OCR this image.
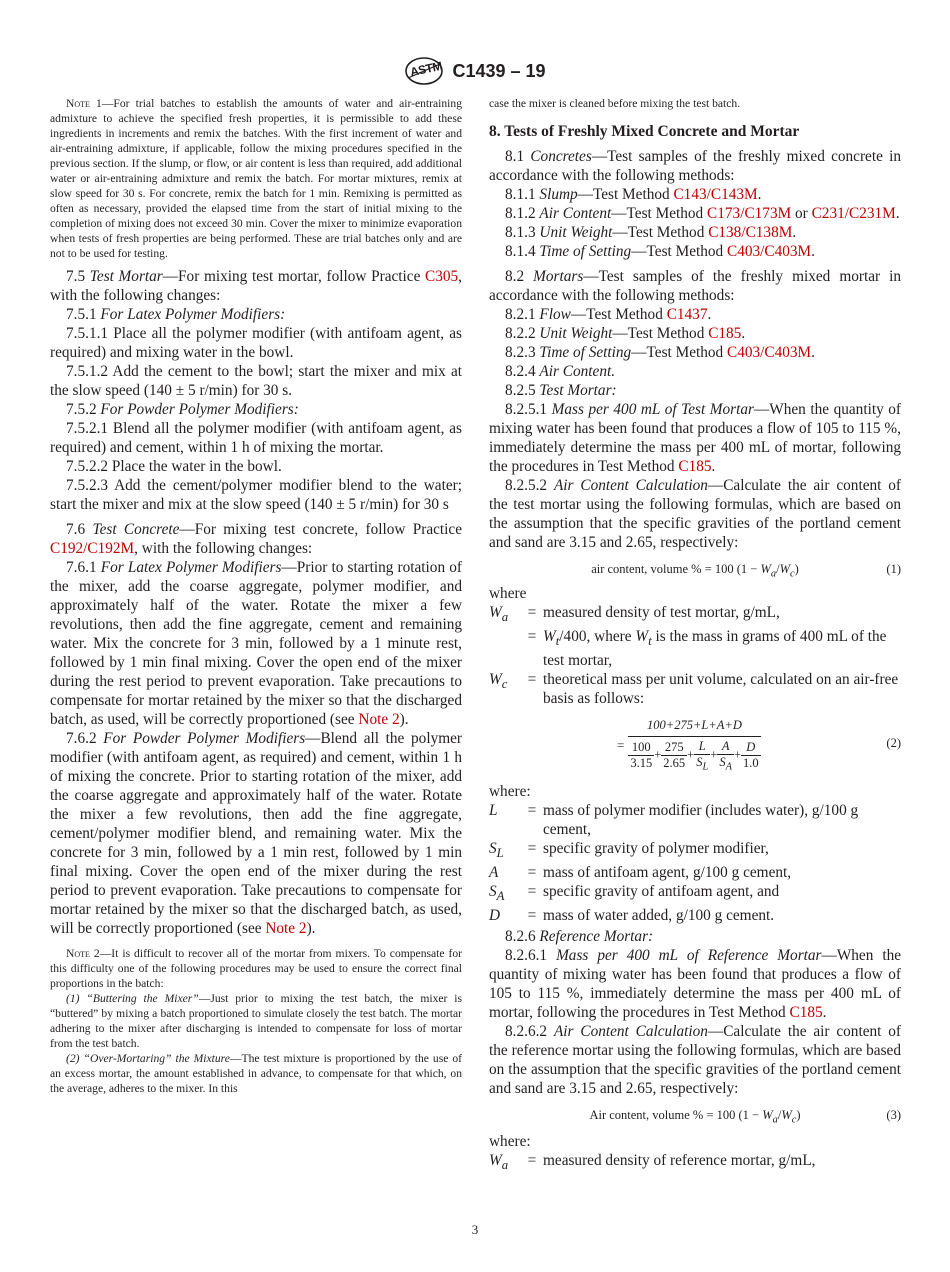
ASTM C1439 – 19

Note 1—For trial batches to establish the amounts of water and air-entraining admixture to achieve the specified fresh properties, it is permissible to add these ingredients in increments and remix the batches. With the first increment of water and air-entraining admixture, if applicable, follow the mixing procedures specified in the previous section. If the slump, or flow, or air content is less than required, add additional water or air-entraining admixture and remix the batch. For mortar mixtures, remix at slow speed for 30 s. For concrete, remix the batch for 1 min. Remixing is permitted as often as necessary, provided the elapsed time from the start of initial mixing to the completion of mixing does not exceed 30 min. Cover the mixer to minimize evaporation when tests of fresh properties are being performed. These are trial batches only and are not to be used for testing.

7.5 Test Mortar—For mixing test mortar, follow Practice C305, with the following changes:

7.5.1 For Latex Polymer Modifiers:

7.5.1.1 Place all the polymer modifier (with antifoam agent, as required) and mixing water in the bowl.

7.5.1.2 Add the cement to the bowl; start the mixer and mix at the slow speed (140 ± 5 r/min) for 30 s.

7.5.2 For Powder Polymer Modifiers:

7.5.2.1 Blend all the polymer modifier (with antifoam agent, as required) and cement, within 1 h of mixing the mortar.

7.5.2.2 Place the water in the bowl.

7.5.2.3 Add the cement/polymer modifier blend to the water; start the mixer and mix at the slow speed (140 ± 5 r/min) for 30 s

7.6 Test Concrete—For mixing test concrete, follow Practice C192/C192M, with the following changes:

7.6.1 For Latex Polymer Modifiers—Prior to starting rotation of the mixer, add the coarse aggregate, polymer modifier, and approximately half of the water. Rotate the mixer a few revolutions, then add the fine aggregate, cement and remaining water. Mix the concrete for 3 min, followed by a 1 minute rest, followed by 1 min final mixing. Cover the open end of the mixer during the rest period to prevent evaporation. Take precautions to compensate for mortar retained by the mixer so that the discharged batch, as used, will be correctly proportioned (see Note 2).

7.6.2 For Powder Polymer Modifiers—Blend all the polymer modifier (with antifoam agent, as required) and cement, within 1 h of mixing the concrete. Prior to starting rotation of the mixer, add the coarse aggregate and approximately half of the water. Rotate the mixer a few revolutions, then add the fine aggregate, cement/polymer modifier blend, and remaining water. Mix the concrete for 3 min, followed by a 1 min rest, followed by 1 min final mixing. Cover the open end of the mixer during the rest period to prevent evaporation. Take precautions to compensate for mortar retained by the mixer so that the discharged batch, as used, will be correctly proportioned (see Note 2).

Note 2—It is difficult to recover all of the mortar from mixers. To compensate for this difficulty one of the following procedures may be used to ensure the correct final proportions in the batch:

(1) “Buttering the Mixer”—Just prior to mixing the test batch, the mixer is “buttered” by mixing a batch proportioned to simulate closely the test batch. The mortar adhering to the mixer after discharging is intended to compensate for loss of mortar from the test batch.

(2) “Over-Mortaring” the Mixture—The test mixture is proportioned by the use of an excess mortar, the amount established in advance, to compensate for that which, on the average, adheres to the mixer. In this

case the mixer is cleaned before mixing the test batch.

8. Tests of Freshly Mixed Concrete and Mortar

8.1 Concretes—Test samples of the freshly mixed concrete in accordance with the following methods:

8.1.1 Slump—Test Method C143/C143M.

8.1.2 Air Content—Test Method C173/C173M or C231/C231M.

8.1.3 Unit Weight—Test Method C138/C138M.

8.1.4 Time of Setting—Test Method C403/C403M.

8.2 Mortars—Test samples of the freshly mixed mortar in accordance with the following methods:

8.2.1 Flow—Test Method C1437.

8.2.2 Unit Weight—Test Method C185.

8.2.3 Time of Setting—Test Method C403/C403M.

8.2.4 Air Content.

8.2.5 Test Mortar:

8.2.5.1 Mass per 400 mL of Test Mortar—When the quantity of mixing water has been found that produces a flow of 105 to 115 %, immediately determine the mass per 400 mL of mortar, following the procedures in Test Method C185.

8.2.5.2 Air Content Calculation—Calculate the air content of the test mortar using the following formulas, which are based on the assumption that the specific gravities of the portland cement and sand are 3.15 and 2.65, respectively:

air content, volume % = 100 $(1 - W_a/W_c)$	(1)

where

$W_a$	=	measured density of test mortar, g/mL,
	=	$W_t/400$, where $W_t$ is the mass in grams of 400 mL of the test mortar,
$W_c$	=	theoretical mass per unit volume, calculated on an air-free basis as follows:
=
100+275+L+A+D
$\frac{100}{3.15} + \frac{275}{2.65} + \frac{L}{S_L} + \frac{A}{S_A} + \frac{D}{1.0}$	(2)

where:

L	=	mass of polymer modifier (includes water), g/100 g cement,
$S_L$	=	specific gravity of polymer modifier,
A	=	mass of antifoam agent, g/100 g cement,
$S_A$	=	specific gravity of antifoam agent, and
D	=	mass of water added, g/100 g cement.

8.2.6 Reference Mortar:

8.2.6.1 Mass per 400 mL of Reference Mortar—When the quantity of mixing water has been found that produces a flow of 105 to 115 %, immediately determine the mass per 400 mL of mortar, following the procedures in Test Method C185.

8.2.6.2 Air Content Calculation—Calculate the air content of the reference mortar using the following formulas, which are based on the assumption that the specific gravities of the portland cement and sand are 3.15 and 2.65, respectively:

Air content, volume % = 100 $(1 - W_a/W_c)$	(3)

where:

$W_a$	=	measured density of reference mortar, g/mL,
3
